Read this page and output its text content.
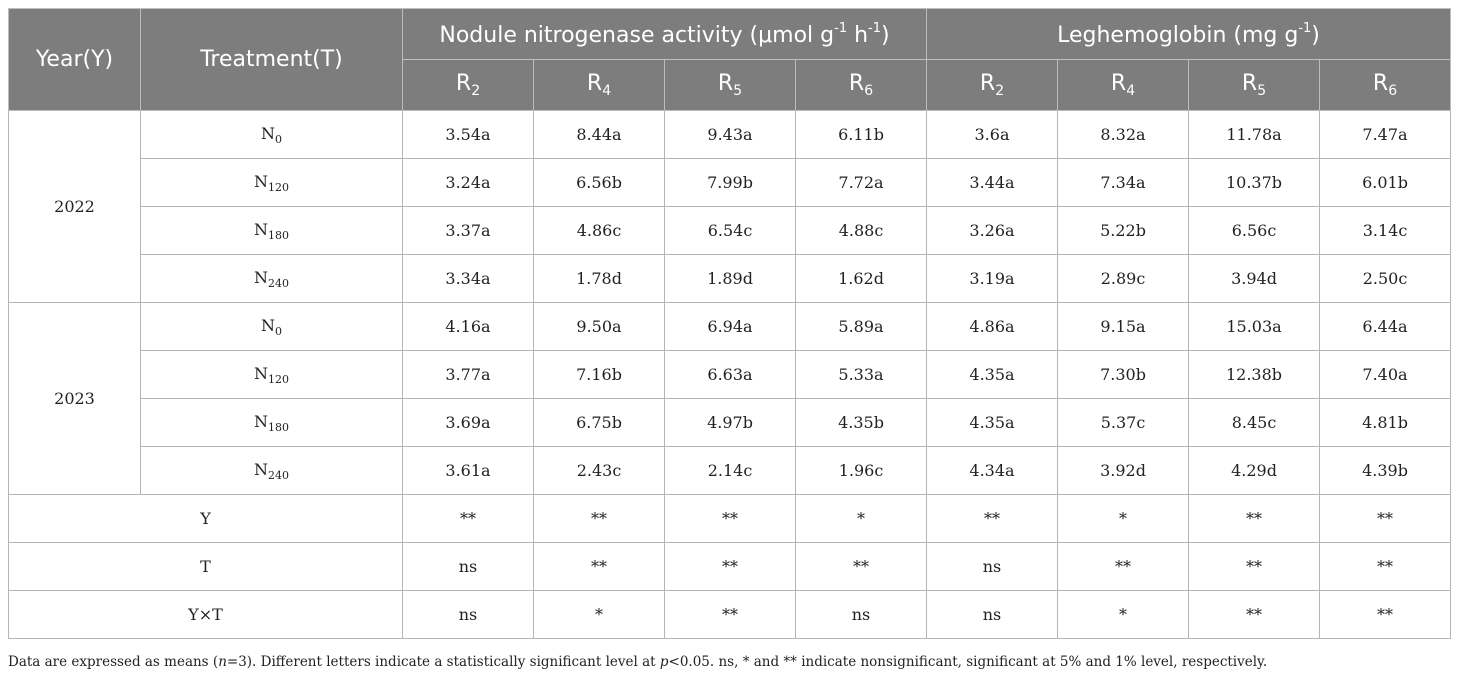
Year(Y)	Treatment(T)	Nodule nitrogenase activity (μmol $g^{-1}$ $h^{-1}$)				Leghemoglobin (mg $g^{-1}$)			
		$R_2$	$R_4$	$R_5$	$R_6$	$R_2$	$R_4$	$R_5$	$R_6$
2022	$N_0$	3.54a	8.44a	9.43a	6.11b	3.6a	8.32a	11.78a	7.47a
	$N_{120}$	3.24a	6.56b	7.99b	7.72a	3.44a	7.34a	10.37b	6.01b
	$N_{180}$	3.37a	4.86c	6.54c	4.88c	3.26a	5.22b	6.56c	3.14c
	$N_{240}$	3.34a	1.78d	1.89d	1.62d	3.19a	2.89c	3.94d	2.50c
2023	$N_0$	4.16a	9.50a	6.94a	5.89a	4.86a	9.15a	15.03a	6.44a
	$N_{120}$	3.77a	7.16b	6.63a	5.33a	4.35a	7.30b	12.38b	7.40a
	$N_{180}$	3.69a	6.75b	4.97b	4.35b	4.35a	5.37c	8.45c	4.81b
	$N_{240}$	3.61a	2.43c	2.14c	1.96c	4.34a	3.92d	4.29d	4.39b
Y		**	**	**	*	**	*	**	**
T		ns	**	**	**	ns	**	**	**
Y×T		ns	*	**	ns	ns	*	**	**
Data are expressed as means (n=3). Different letters indicate a statistically significant level at p<0.05. ns, * and ** indicate nonsignificant, significant at 5% and 1% level, respectively.
